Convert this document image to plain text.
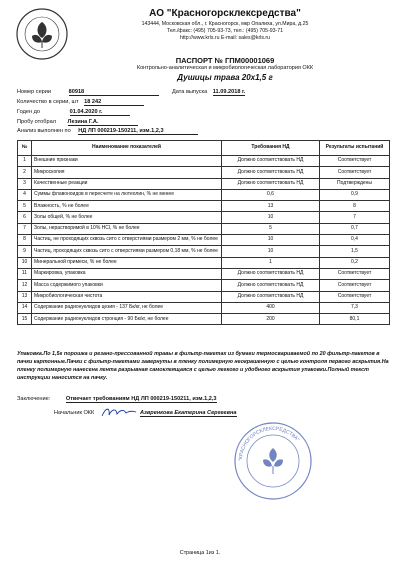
АО "Красногорсклексредства"
143444, Московская обл., г. Красногорск, мкр Опалиха, ул.Мира, д.25
Тел./факс: (495) 705-93-73, тел.: (495) 705-93-71
http://www.krls.ru E-mail: sales@krls.ru
ПАСПОРТ № ГПМ00001069
Контрольно-аналитическая и микробиологическая лаборатория ОКК
Душицы трава 20х1,5 г
Номер серии	80918	Дата выпуска 11.09.2018 г.
Количество в серии, шт 18 242
Годен до	01.04.2020 г.
Пробу отобрал Лезина Г.А.
Анализ выполнен по НД ЛП 000219-150211, изм.1,2,3
№	Наименование показателей	Требования НД	Результаты испытаний
1	Внешние признаки	Должно соответствовать НД	Соответствует
2	Микроскопия	Должно соответствовать НД	Соответствует
3	Качественные реакции	Должно соответствовать НД	Подтверждены
4	Суммы флавоноидов в пересчете на лютеолин, % не менее	0,6	0,9
5	Влажность, % не более	13	8
6	Золы общей, % не более	10	7
7	Золы, нерастворимой в 10% HCl, % не более	5	0,7
8	Частиц, не проходящих сквозь сито с отверстиями размером 2 мм, % не более	10	0,4
9	Частиц, проходящих сквозь сито с отверстиями размером 0,18 мм, % не более	10	1,5
10	Минеральной примеси, % не более	1	0,2
11	Маркировка, упаковка	Должно соответствовать НД	Соответствует
12	Масса содержимого упаковки	Должно соответствовать НД	Соответствует
13	Микробиологическая чистота	Должно соответствовать НД	Соответствует
14	Содержание радионуклидов цезия - 137 Бк/кг, не более	400	7,3
15	Содержание радионуклидов стронция - 90 Бк/кг, не более	200	80,1
Упаковка.По 1,5г порошка и резано-прессованной травы в фильтр-пакетах из бумаги термосвариваемой по 20 фильтр-пакетов в пачки картонные.Пачки с фильтр-пакетами завернуты в пленку полимерную неокрашенную с целью контроля первого вскрытия.На пленку полимерную нанесена лента разрывная самоклеящаяся с целью легкого и удобного вскрытия упаковки.Полный текст инструкции наносится на пачку.
Заключение:	Отвечает требованиям НД ЛП 000219-150211, изм.1,2,3
Начальник ОКК	Азвренкова Екатерина Сергеевна
"КРАСНОГОРСКЛЕКСРЕДСТВА"
Страница 1из 1.
